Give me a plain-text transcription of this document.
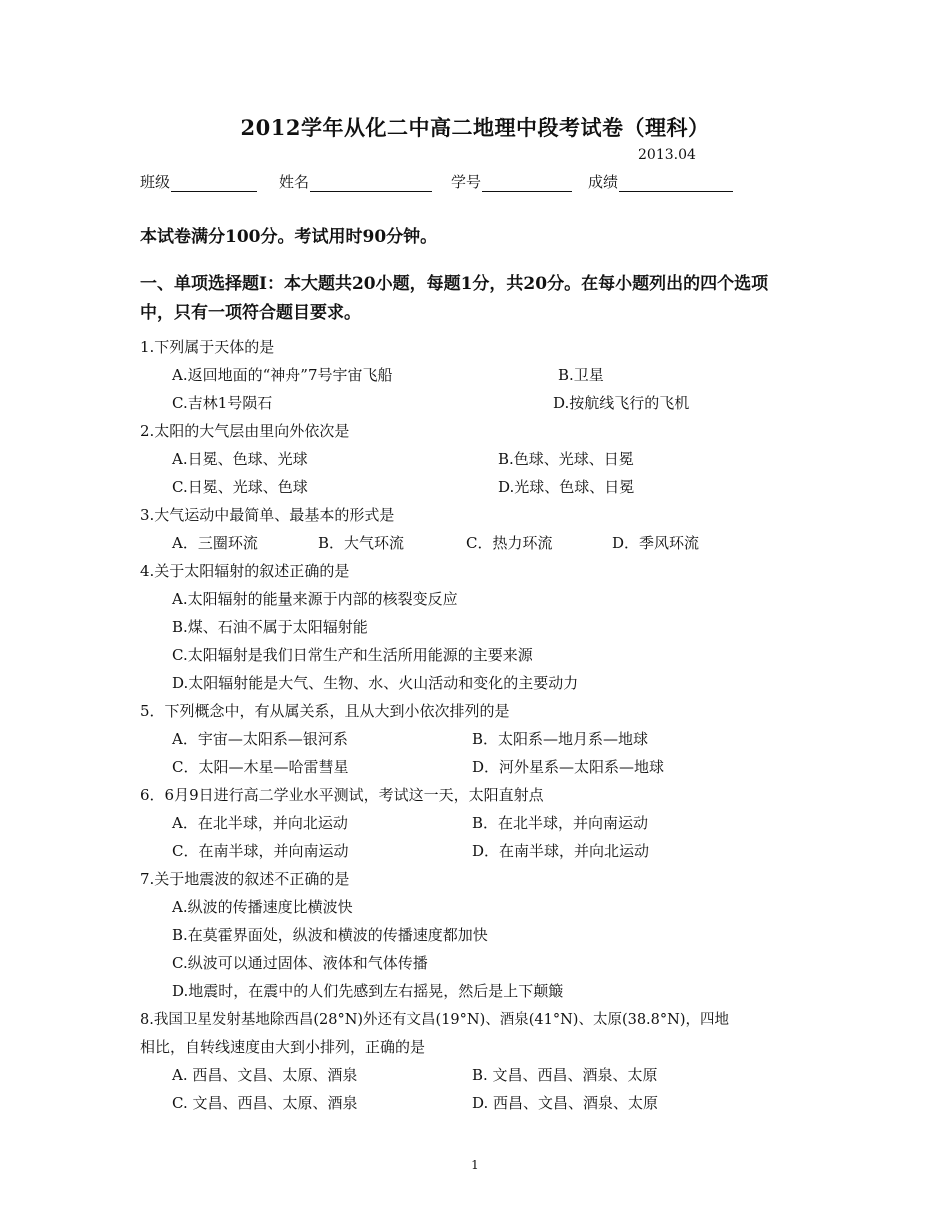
2012学年从化二中高二地理中段考试卷（理科）
2013.04
班级	姓名	学号	成绩
本试卷满分100分。考试用时90分钟。
一、单项选择题Ⅰ：本大题共20小题，每题1分，共20分。在每小题列出的四个选项
中，只有一项符合题目要求。
1.下列属于天体的是
A.返回地面的“神舟”7号宇宙飞船	B.卫星
C.吉林1号陨石	D.按航线飞行的飞机
2.太阳的大气层由里向外依次是
A.日冕、色球、光球	B.色球、光球、日冕
C.日冕、光球、色球	D.光球、色球、日冕
3.大气运动中最简单、最基本的形式是
A．三圈环流	B．大气环流	C．热力环流	D．季风环流
4.关于太阳辐射的叙述正确的是
A.太阳辐射的能量来源于内部的核裂变反应
B.煤、石油不属于太阳辐射能
C.太阳辐射是我们日常生产和生活所用能源的主要来源
D.太阳辐射能是大气、生物、水、火山活动和变化的主要动力
5．下列概念中，有从属关系，且从大到小依次排列的是
A．宇宙—太阳系—银河系	B．太阳系—地月系—地球
C．太阳—木星—哈雷彗星	D．河外星系—太阳系—地球
6．6月9日进行高二学业水平测试，考试这一天，太阳直射点
A．在北半球，并向北运动	B．在北半球，并向南运动
C．在南半球，并向南运动	D．在南半球，并向北运动
7.关于地震波的叙述不正确的是
A.纵波的传播速度比横波快
B.在莫霍界面处，纵波和横波的传播速度都加快
C.纵波可以通过固体、液体和气体传播
D.地震时，在震中的人们先感到左右摇晃，然后是上下颠簸
8.我国卫星发射基地除西昌(28°N)外还有文昌(19°N)、酒泉(41°N)、太原(38.8°N)，四地
相比，自转线速度由大到小排列，正确的是
A. 西昌、文昌、太原、酒泉	B. 文昌、西昌、酒泉、太原
C. 文昌、西昌、太原、酒泉	D. 西昌、文昌、酒泉、太原
1
